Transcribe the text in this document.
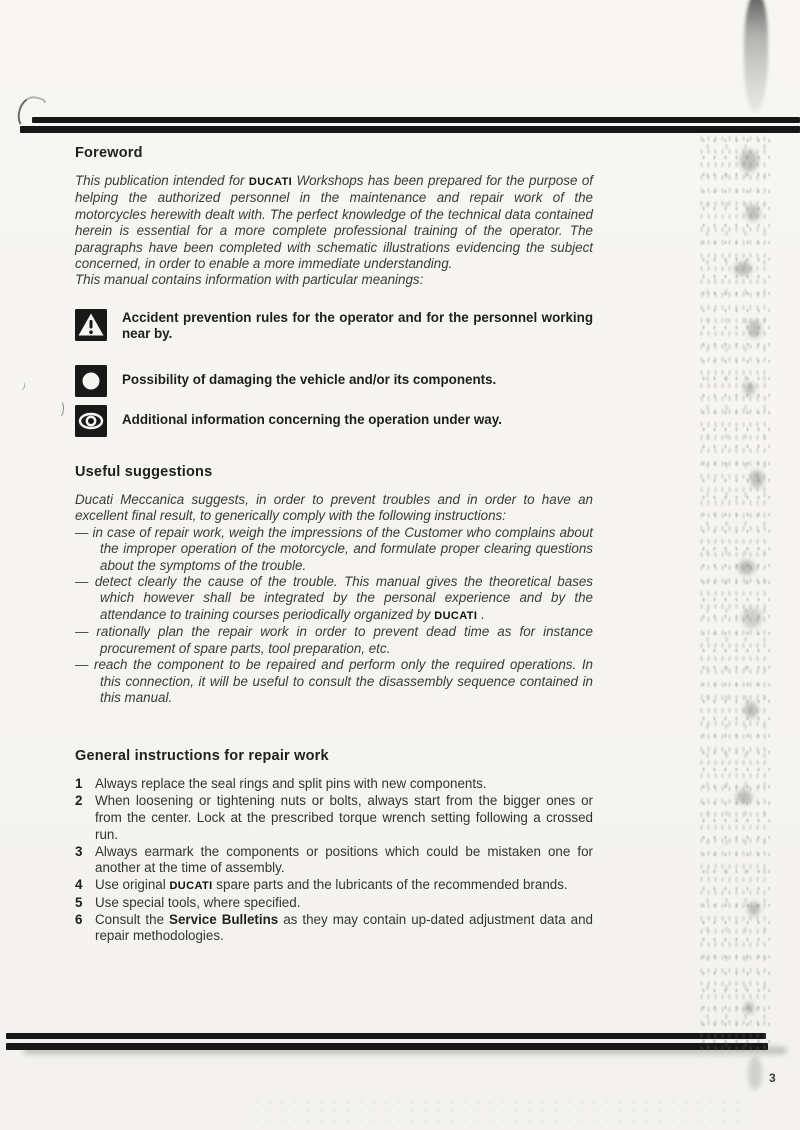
Foreword

This publication intended for DUCATI Workshops has been prepared for the purpose of helping the authorized personnel in the maintenance and repair work of the motorcycles herewith dealt with. The perfect knowledge of the technical data contained herein is essential for a more complete professional training of the operator. The paragraphs have been completed with schematic illustrations evidencing the subject concerned, in order to enable a more immediate understanding.

This manual contains information with particular meanings:

Accident prevention rules for the operator and for the personnel working near by.
Possibility of damaging the vehicle and/or its components.
Additional information concerning the operation under way.
Useful suggestions

Ducati Meccanica suggests, in order to prevent troubles and in order to have an excellent final result, to generically comply with the following instructions:

— in case of repair work, weigh the impressions of the Customer who complains about the improper operation of the motorcycle, and formulate proper clearing questions about the symptoms of the trouble.

— detect clearly the cause of the trouble. This manual gives the theoretical bases which however shall be integrated by the personal experience and by the attendance to training courses periodically organized by DUCATI .

— rationally plan the repair work in order to prevent dead time as for instance procurement of spare parts, tool preparation, etc.

— reach the component to be repaired and perform only the required operations. In this connection, it will be useful to consult the disassembly sequence contained in this manual.

General instructions for repair work
1 Always replace the seal rings and split pins with new components.
2 When loosening or tightening nuts or bolts, always start from the bigger ones or from the center. Lock at the prescribed torque wrench setting following a crossed run.
3 Always earmark the components or positions which could be mistaken one for another at the time of assembly.
4 Use original DUCATI spare parts and the lubricants of the recommended brands.
5 Use special tools, where specified.
6 Consult the Service Bulletins as they may contain up-dated adjustment data and repair methodologies.
3
